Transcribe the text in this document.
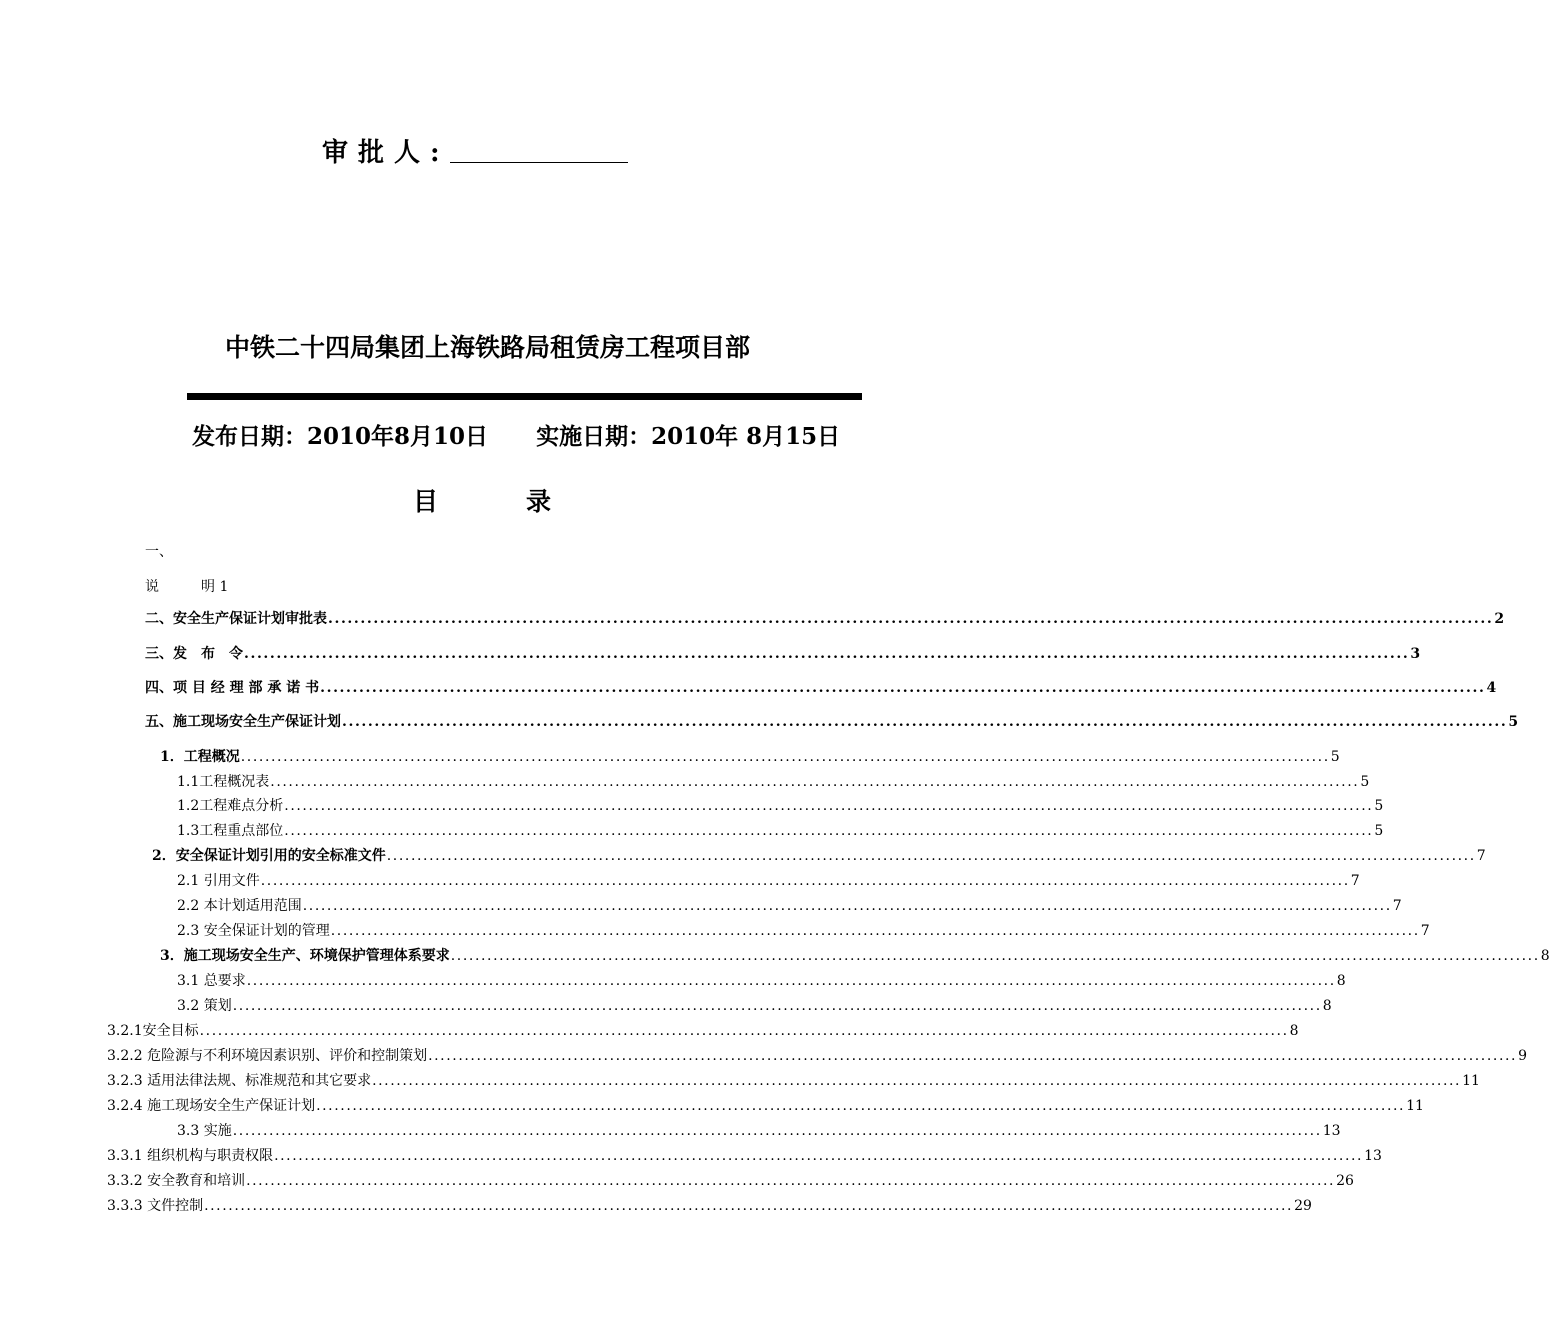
审批人:
中铁二十四局集团上海铁路局租赁房工程项目部
发布日期：2010年8月10日 实施日期：2010年 8月15日
目	录
一、
说　　　明 1
二、安全生产保证计划审批表 .................................................................................................................................................................................... 2
三、发　布　令 .................................................................................................................................................................................... 3
四、项 目 经 理 部 承 诺 书 .................................................................................................................................................................................... 4
五、施工现场安全生产保证计划 .................................................................................................................................................................................... 5
1．工程概况 .................................................................................................................................................................................... 5
1.1工程概况表 .................................................................................................................................................................................... 5
1.2工程难点分析 .................................................................................................................................................................................... 5
1.3工程重点部位 .................................................................................................................................................................................... 5
2．安全保证计划引用的安全标准文件 .................................................................................................................................................................................... 7
2.1 引用文件 .................................................................................................................................................................................... 7
2.2 本计划适用范围 .................................................................................................................................................................................... 7
2.3 安全保证计划的管理 .................................................................................................................................................................................... 7
3．施工现场安全生产、环境保护管理体系要求 .................................................................................................................................................................................... 8
3.1 总要求 .................................................................................................................................................................................... 8
3.2 策划 .................................................................................................................................................................................... 8
3.2.1安全目标 .................................................................................................................................................................................... 8
3.2.2 危险源与不利环境因素识别、评价和控制策划 .................................................................................................................................................................................... 9
3.2.3 适用法律法规、标准规范和其它要求 .................................................................................................................................................................................... 11
3.2.4 施工现场安全生产保证计划 .................................................................................................................................................................................... 11
3.3 实施 .................................................................................................................................................................................... 13
3.3.1 组织机构与职责权限 .................................................................................................................................................................................... 13
3.3.2 安全教育和培训 .................................................................................................................................................................................... 26
3.3.3 文件控制 .................................................................................................................................................................................... 29
